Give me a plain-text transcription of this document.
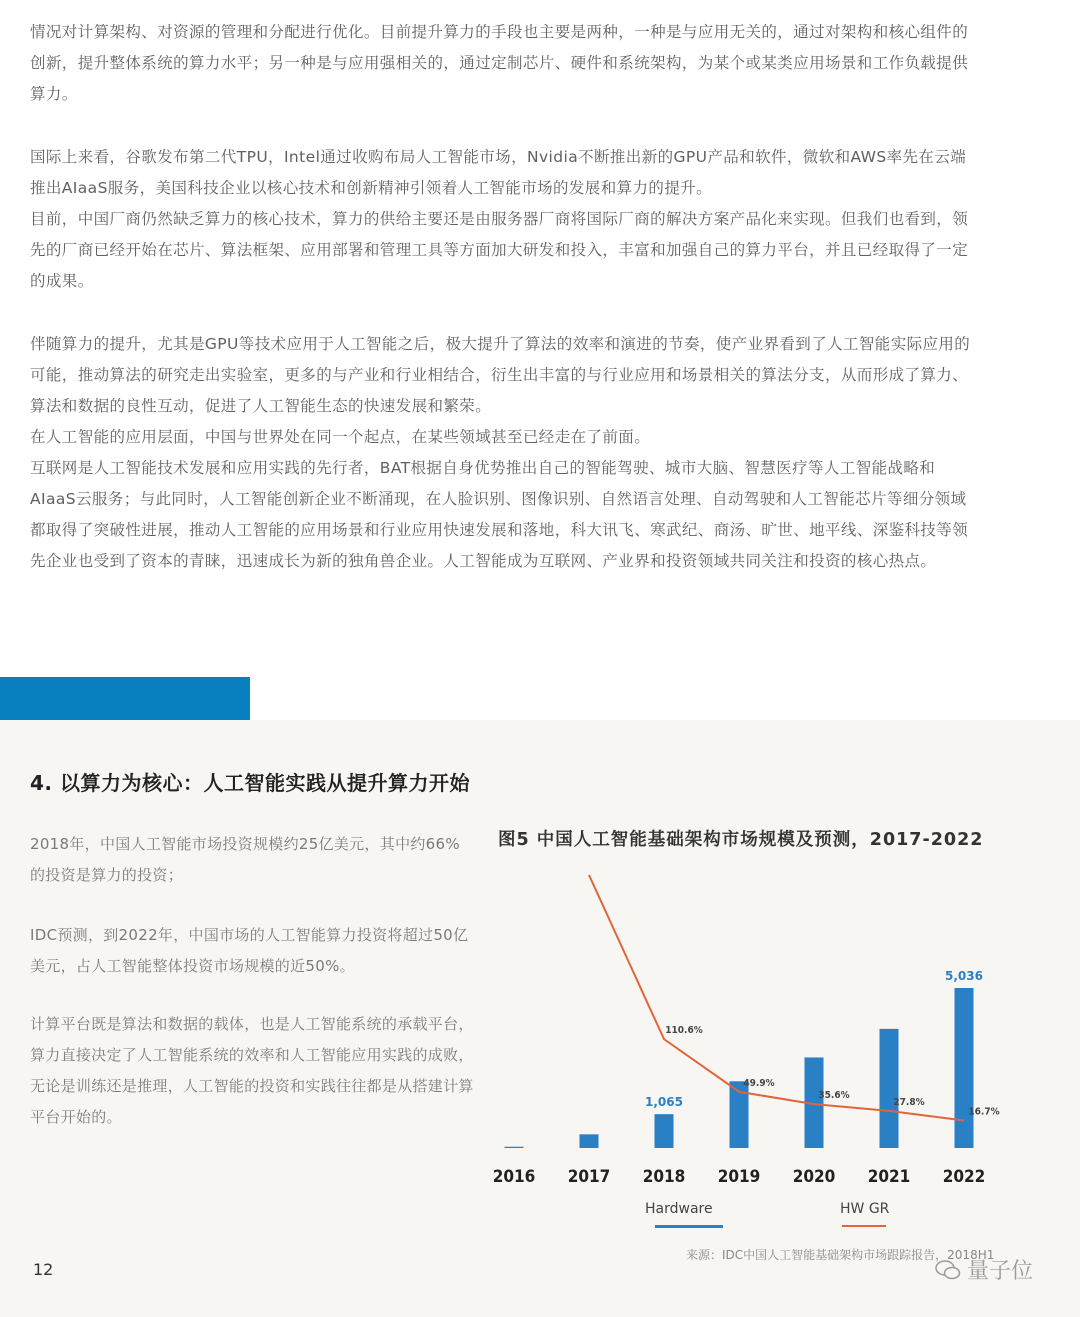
情况对计算架构、对资源的管理和分配进行优化。目前提升算力的手段也主要是两种，一种是与应用无关的，通过对架构和核心组件的创新，提升整体系统的算力水平；另一种是与应用强相关的，通过定制芯片、硬件和系统架构，为某个或某类应用场景和工作负载提供算力。

国际上来看，谷歌发布第二代TPU，Intel通过收购布局人工智能市场，Nvidia不断推出新的GPU产品和软件，微软和AWS率先在云端推出AIaaS服务，美国科技企业以核心技术和创新精神引领着人工智能市场的发展和算力的提升。

目前，中国厂商仍然缺乏算力的核心技术，算力的供给主要还是由服务器厂商将国际厂商的解决方案产品化来实现。但我们也看到，领先的厂商已经开始在芯片、算法框架、应用部署和管理工具等方面加大研发和投入，丰富和加强自己的算力平台，并且已经取得了一定的成果。

伴随算力的提升，尤其是GPU等技术应用于人工智能之后，极大提升了算法的效率和演进的节奏，使产业界看到了人工智能实际应用的可能，推动算法的研究走出实验室，更多的与产业和行业相结合，衍生出丰富的与行业应用和场景相关的算法分支，从而形成了算力、算法和数据的良性互动，促进了人工智能生态的快速发展和繁荣。

在人工智能的应用层面，中国与世界处在同一个起点，在某些领域甚至已经走在了前面。

互联网是人工智能技术发展和应用实践的先行者，BAT根据自身优势推出自己的智能驾驶、城市大脑、智慧医疗等人工智能战略和AIaaS云服务；与此同时，人工智能创新企业不断涌现，在人脸识别、图像识别、自然语言处理、自动驾驶和人工智能芯片等细分领域都取得了突破性进展，推动人工智能的应用场景和行业应用快速发展和落地，科大讯飞、寒武纪、商汤、旷世、地平线、深鉴科技等领先企业也受到了资本的青睐，迅速成长为新的独角兽企业。人工智能成为互联网、产业界和投资领域共同关注和投资的核心热点。

4. 以算力为核心：人工智能实践从提升算力开始

2018年，中国人工智能市场投资规模约25亿美元，其中约66%的投资是算力的投资；

IDC预测，到2022年，中国市场的人工智能算力投资将超过50亿美元，占人工智能整体投资市场规模的近50%。

计算平台既是算法和数据的载体，也是人工智能系统的承载平台，算力直接决定了人工智能系统的效率和人工智能应用实践的成败，无论是训练还是推理，人工智能的投资和实践往往都是从搭建计算平台开始的。

图5 中国人工智能基础架构市场规模及预测，2017-2022
2016 2017 2018
1,065
2019 2020 2021 2022
5,036
110.6%
49.9%
35.6%
27.8%
16.7%
Hardware	HW GR
来源：IDC中国人工智能基础架构市场跟踪报告，2018H1
12	量子位
